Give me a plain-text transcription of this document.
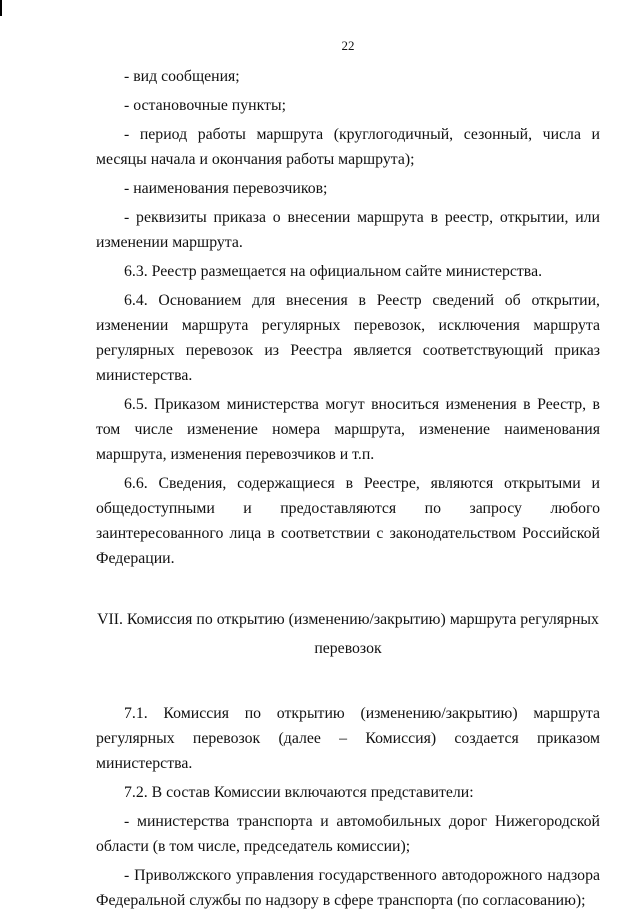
22

- вид сообщения;

- остановочные пункты;

- период работы маршрута (круглогодичный, сезонный, числа и месяцы начала и окончания работы маршрута);

- наименования перевозчиков;

- реквизиты приказа о внесении маршрута в реестр, открытии, или изменении маршрута.

6.3. Реестр размещается на официальном сайте министерства.

6.4. Основанием для внесения в Реестр сведений об открытии, изменении маршрута регулярных перевозок, исключения маршрута регулярных перевозок из Реестра является соответствующий приказ министерства.

6.5. Приказом министерства могут вноситься изменения в Реестр, в том числе изменение номера маршрута, изменение наименования маршрута, изменения перевозчиков и т.п.

6.6. Сведения, содержащиеся в Реестре, являются открытыми и общедоступными и предоставляются по запросу любого заинтересованного лица в соответствии с законодательством Российской Федерации.

VII. Комиссия по открытию (изменению/закрытию) маршрута регулярных
перевозок

7.1. Комиссия по открытию (изменению/закрытию) маршрута регулярных перевозок (далее – Комиссия) создается приказом министерства.

7.2. В состав Комиссии включаются представители:

- министерства транспорта и автомобильных дорог Нижегородской области (в том числе, председатель комиссии);

- Приволжского управления государственного автодорожного надзора Федеральной службы по надзору в сфере транспорта (по согласованию);
